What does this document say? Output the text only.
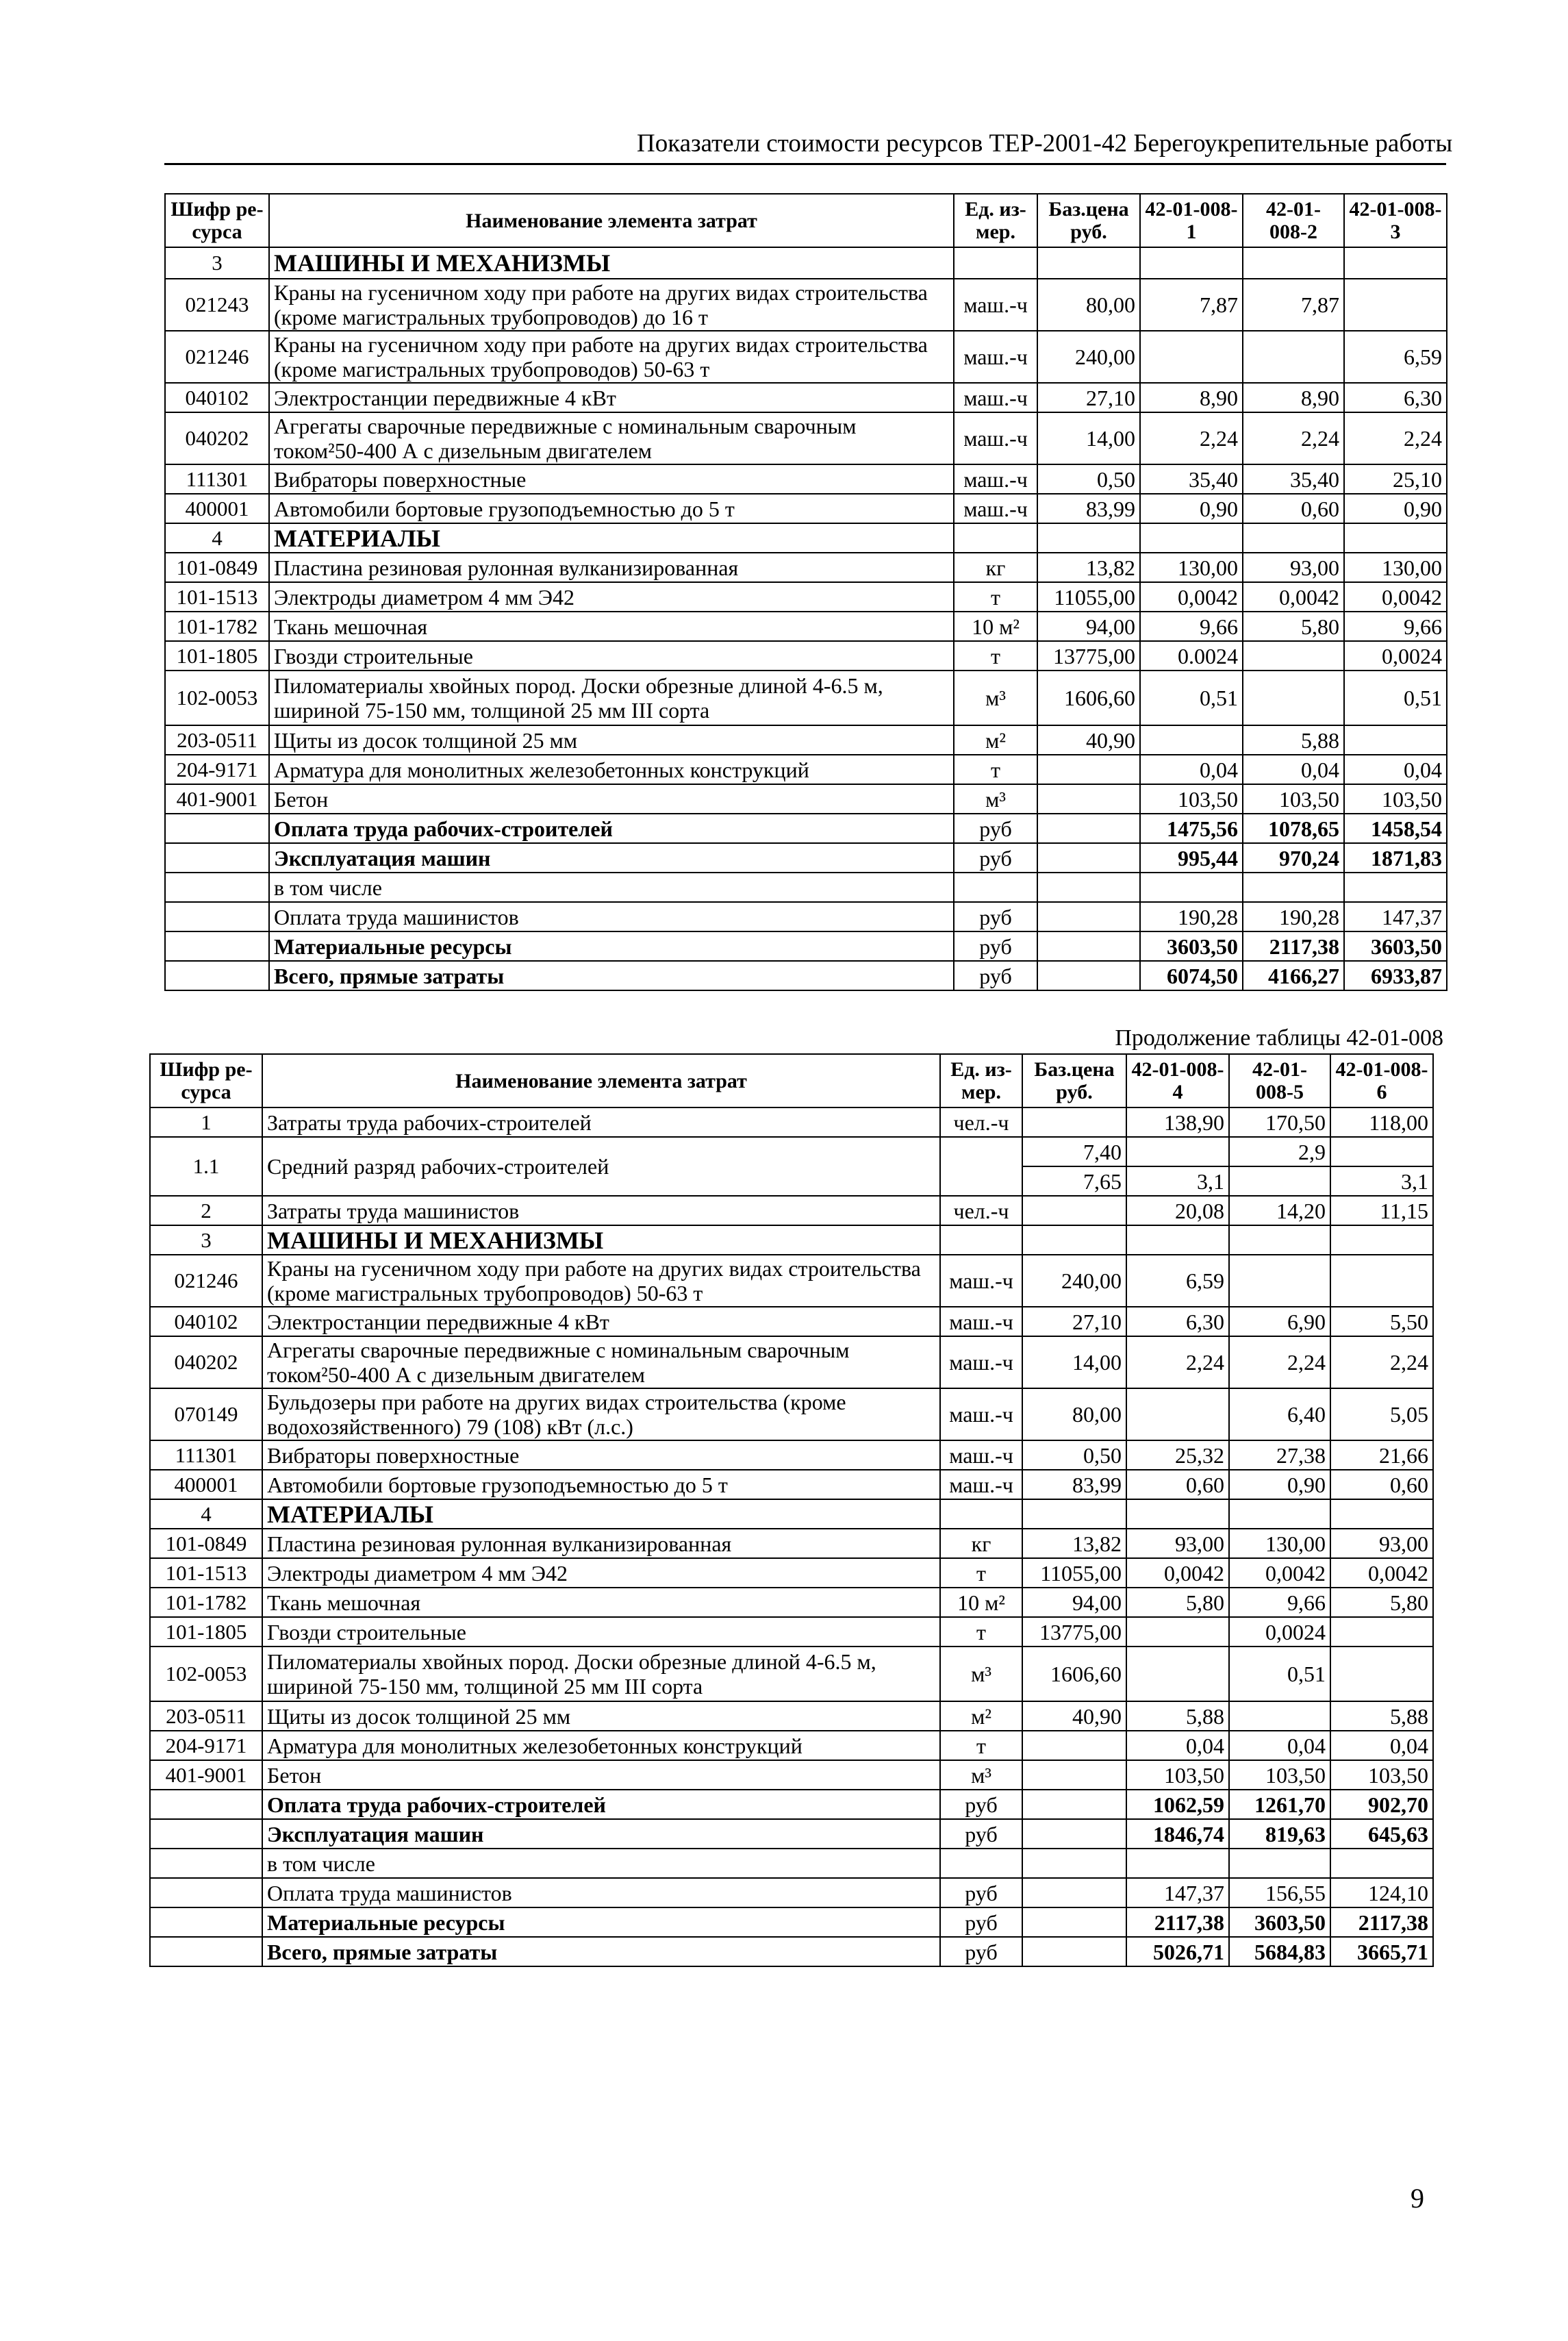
Показатели стоимости ресурсов ТЕР-2001-42 Берегоукрепительные работы
Шифр ре-сурса	Наименование элемента затрат	Ед. из-мер.	Баз.цена руб.	42-01-008-1	42-01-008-2	42-01-008-3
3	МАШИНЫ И МЕХАНИЗМЫ					
021243	Краны на гусеничном ходу при работе на других видах строительства (кроме магистральных трубопроводов) до 16 т	маш.-ч	80,00	7,87	7,87	
021246	Краны на гусеничном ходу при работе на других видах строительства (кроме магистральных трубопроводов) 50-63 т	маш.-ч	240,00			6,59
040102	Электростанции передвижные 4 кВт	маш.-ч	27,10	8,90	8,90	6,30
040202	Агрегаты сварочные передвижные с номинальным сварочным током²50-400 А с дизельным двигателем	маш.-ч	14,00	2,24	2,24	2,24
111301	Вибраторы поверхностные	маш.-ч	0,50	35,40	35,40	25,10
400001	Автомобили бортовые грузоподъемностью до 5 т	маш.-ч	83,99	0,90	0,60	0,90
4	МАТЕРИАЛЫ					
101-0849	Пластина резиновая рулонная вулканизированная	кг	13,82	130,00	93,00	130,00
101-1513	Электроды диаметром 4 мм Э42	т	11055,00	0,0042	0,0042	0,0042
101-1782	Ткань мешочная	10 м²	94,00	9,66	5,80	9,66
101-1805	Гвозди строительные	т	13775,00	0.0024		0,0024
102-0053	Пиломатериалы хвойных пород. Доски обрезные длиной 4-6.5 м, шириной 75-150 мм, толщиной 25 мм III сорта	м³	1606,60	0,51		0,51
203-0511	Щиты из досок толщиной 25 мм	м²	40,90		5,88	
204-9171	Арматура для монолитных железобетонных конструкций	т		0,04	0,04	0,04
401-9001	Бетон	м³		103,50	103,50	103,50
	Оплата труда рабочих-строителей	руб		1475,56	1078,65	1458,54
	Эксплуатация машин	руб		995,44	970,24	1871,83
	в том числе					
	Оплата труда машинистов	руб		190,28	190,28	147,37
	Материальные ресурсы	руб		3603,50	2117,38	3603,50
	Всего, прямые затраты	руб		6074,50	4166,27	6933,87
Продолжение таблицы 42-01-008
Шифр ре-сурса	Наименование элемента затрат	Ед. из-мер.	Баз.цена руб.	42-01-008-4	42-01-008-5	42-01-008-6
1	Затраты труда рабочих-строителей	чел.-ч		138,90	170,50	118,00
1.1	Средний разряд рабочих-строителей		7,40		2,9	
			7,65	3,1		3,1
2	Затраты труда машинистов	чел.-ч		20,08	14,20	11,15
3	МАШИНЫ И МЕХАНИЗМЫ					
021246	Краны на гусеничном ходу при работе на других видах строительства (кроме магистральных трубопроводов) 50-63 т	маш.-ч	240,00	6,59		
040102	Электростанции передвижные 4 кВт	маш.-ч	27,10	6,30	6,90	5,50
040202	Агрегаты сварочные передвижные с номинальным сварочным током²50-400 А с дизельным двигателем	маш.-ч	14,00	2,24	2,24	2,24
070149	Бульдозеры при работе на других видах строительства (кроме водохозяйственного) 79 (108) кВт (л.с.)	маш.-ч	80,00		6,40	5,05
111301	Вибраторы поверхностные	маш.-ч	0,50	25,32	27,38	21,66
400001	Автомобили бортовые грузоподъемностью до 5 т	маш.-ч	83,99	0,60	0,90	0,60
4	МАТЕРИАЛЫ					
101-0849	Пластина резиновая рулонная вулканизированная	кг	13,82	93,00	130,00	93,00
101-1513	Электроды диаметром 4 мм Э42	т	11055,00	0,0042	0,0042	0,0042
101-1782	Ткань мешочная	10 м²	94,00	5,80	9,66	5,80
101-1805	Гвозди строительные	т	13775,00		0,0024	
102-0053	Пиломатериалы хвойных пород. Доски обрезные длиной 4-6.5 м, шириной 75-150 мм, толщиной 25 мм III сорта	м³	1606,60		0,51	
203-0511	Щиты из досок толщиной 25 мм	м²	40,90	5,88		5,88
204-9171	Арматура для монолитных железобетонных конструкций	т		0,04	0,04	0,04
401-9001	Бетон	м³		103,50	103,50	103,50
	Оплата труда рабочих-строителей	руб		1062,59	1261,70	902,70
	Эксплуатация машин	руб		1846,74	819,63	645,63
	в том числе					
	Оплата труда машинистов	руб		147,37	156,55	124,10
	Материальные ресурсы	руб		2117,38	3603,50	2117,38
	Всего, прямые затраты	руб		5026,71	5684,83	3665,71
9
